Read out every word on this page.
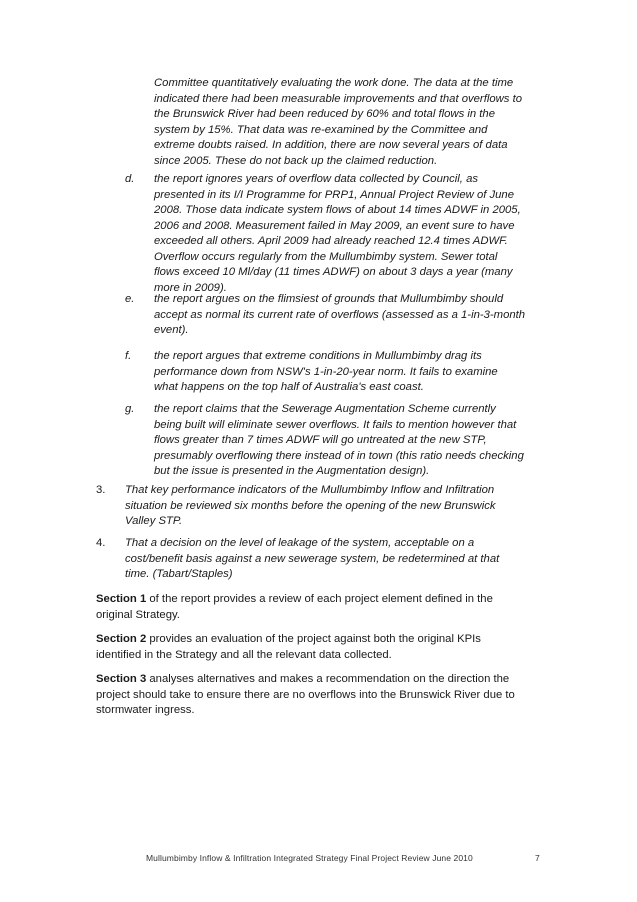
Committee quantitatively evaluating the work done. The data at the time
indicated there had been measurable improvements and that overflows to
the Brunswick River had been reduced by 60% and total flows in the
system by 15%. That data was re-examined by the Committee and
extreme doubts raised. In addition, there are now several years of data
since 2005. These do not back up the claimed reduction.
d. the report ignores years of overflow data collected by Council, as
presented in its I/I Programme for PRP1, Annual Project Review of June
2008. Those data indicate system flows of about 14 times ADWF in 2005,
2006 and 2008. Measurement failed in May 2009, an event sure to have
exceeded all others. April 2009 had already reached 12.4 times ADWF.
Overflow occurs regularly from the Mullumbimby system. Sewer total
flows exceed 10 Ml/day (11 times ADWF) on about 3 days a year (many
more in 2009).
e. the report argues on the flimsiest of grounds that Mullumbimby should
accept as normal its current rate of overflows (assessed as a 1-in-3-month
event).
f. the report argues that extreme conditions in Mullumbimby drag its
performance down from NSW's 1-in-20-year norm. It fails to examine
what happens on the top half of Australia's east coast.
g. the report claims that the Sewerage Augmentation Scheme currently
being built will eliminate sewer overflows. It fails to mention however that
flows greater than 7 times ADWF will go untreated at the new STP,
presumably overflowing there instead of in town (this ratio needs checking
but the issue is presented in the Augmentation design).
3. That key performance indicators of the Mullumbimby Inflow and Infiltration
situation be reviewed six months before the opening of the new Brunswick
Valley STP.
4. That a decision on the level of leakage of the system, acceptable on a
cost/benefit basis against a new sewerage system, be redetermined at that
time. (Tabart/Staples)
Section 1 of the report provides a review of each project element defined in the
original Strategy.
Section 2 provides an evaluation of the project against both the original KPIs
identified in the Strategy and all the relevant data collected.
Section 3 analyses alternatives and makes a recommendation on the direction the
project should take to ensure there are no overflows into the Brunswick River due to
stormwater ingress.
Mullumbimby Inflow & Infiltration Integrated Strategy Final Project Review June 2010	7
